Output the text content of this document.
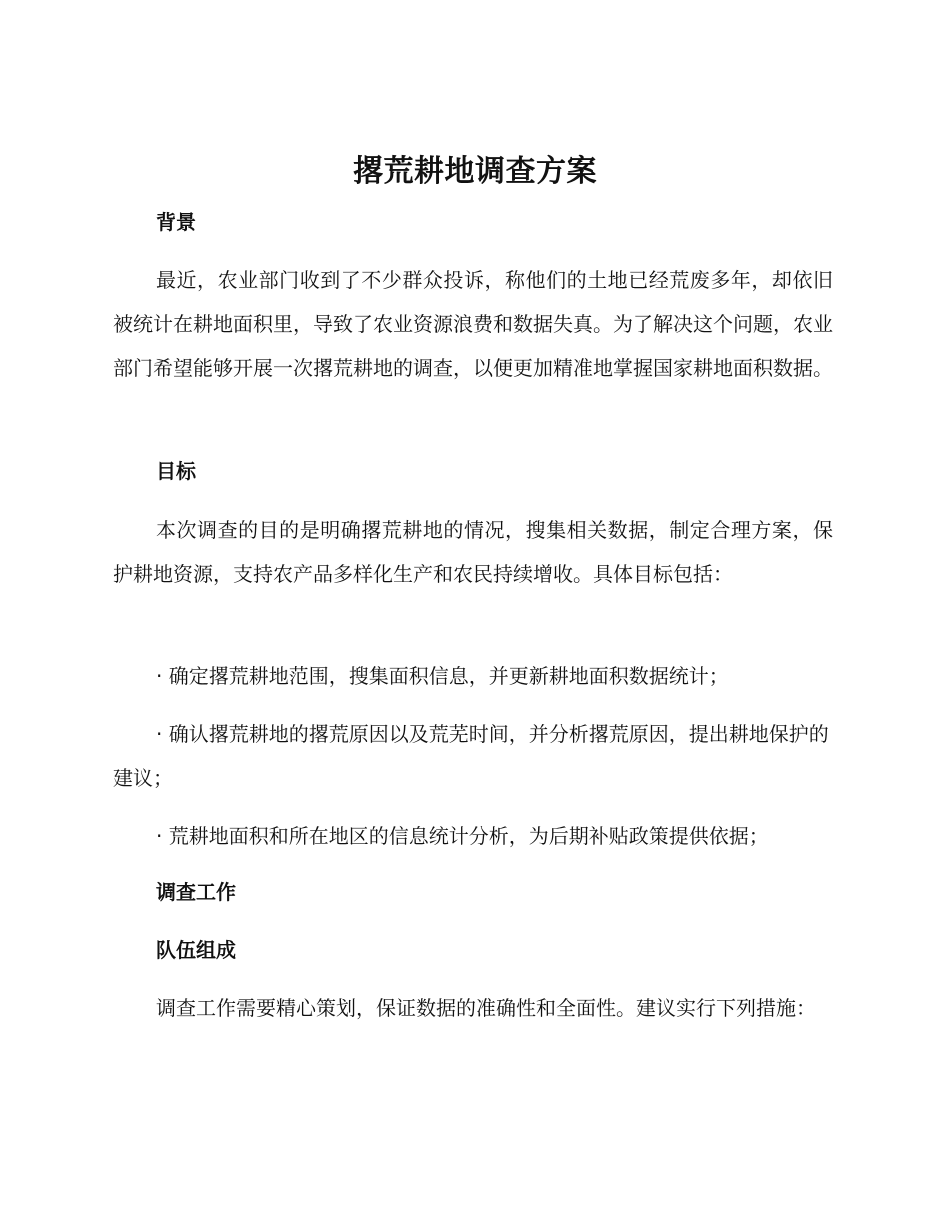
撂荒耕地调查方案
背景

最近，农业部门收到了不少群众投诉，称他们的土地已经荒废多年，却依旧被统计在耕地面积里，导致了农业资源浪费和数据失真。为了解决这个问题，农业部门希望能够开展一次撂荒耕地的调查，以便更加精准地掌握国家耕地面积数据。

目标

本次调查的目的是明确撂荒耕地的情况，搜集相关数据，制定合理方案，保护耕地资源，支持农产品多样化生产和农民持续增收。具体目标包括：

· 确定撂荒耕地范围，搜集面积信息，并更新耕地面积数据统计；

· 确认撂荒耕地的撂荒原因以及荒芜时间，并分析撂荒原因，提出耕地保护的建议；

· 荒耕地面积和所在地区的信息统计分析，为后期补贴政策提供依据；

调查工作
队伍组成

调查工作需要精心策划，保证数据的准确性和全面性。建议实行下列措施：
